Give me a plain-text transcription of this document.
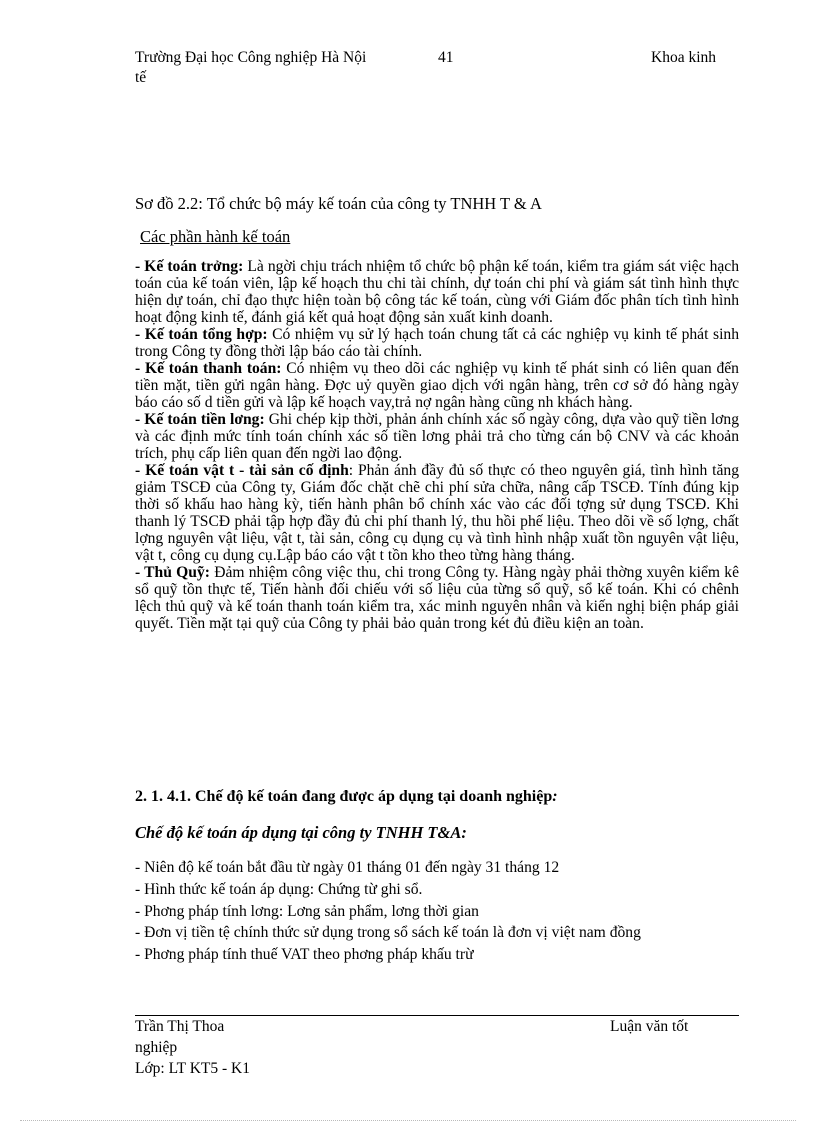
Trường Đại học Công nghiệp Hà Nội	41	Khoa kinh
tế
Sơ đồ 2.2: Tổ chức bộ máy kế toán của công ty TNHH T & A
Các phần hành kế toán

- Kế toán trởng: Là ngời chịu trách nhiệm tổ chức bộ phận kế toán, kiểm tra giám sát việc hạch toán của kế toán viên, lập kế hoạch thu chi tài chính, dự toán chi phí và giám sát tình hình thực hiện dự toán, chỉ đạo thực hiện toàn bộ công tác kế toán, cùng với Giám đốc phân tích tình hình hoạt động kinh tế, đánh giá kết quả hoạt động sản xuất kinh doanh.

- Kế toán tổng hợp: Có nhiệm vụ sử lý hạch toán chung tất cả các nghiệp vụ kinh tế phát sinh trong Công ty đồng thời lập báo cáo tài chính.

- Kế toán thanh toán: Có nhiệm vụ theo dõi các nghiệp vụ kinh tế phát sinh có liên quan đến tiền mặt, tiền gửi ngân hàng. Đợc uỷ quyền giao dịch với ngân hàng, trên cơ sở đó hàng ngày báo cáo số d tiền gửi và lập kế hoạch vay,trả nợ ngân hàng cũng nh khách hàng.

- Kế toán tiền lơng: Ghi chép kịp thời, phản ánh chính xác số ngày công, dựa vào quỹ tiền lơng và các định mức tính toán chính xác số tiền lơng phải trả cho từng cán bộ CNV và các khoản trích, phụ cấp liên quan đến ngời lao động.

- Kế toán vật t - tài sản cố định: Phản ánh đầy đủ số thực có theo nguyên giá, tình hình tăng giảm TSCĐ của Công ty, Giám đốc chặt chẽ chi phí sửa chữa, nâng cấp TSCĐ. Tính đúng kịp thời số khấu hao hàng kỳ, tiến hành phân bổ chính xác vào các đối tợng sử dụng TSCĐ. Khi thanh lý TSCĐ phải tập hợp đầy đủ chi phí thanh lý, thu hồi phế liệu. Theo dõi về số lợng, chất lợng nguyên vật liệu, vật t, tài sản, công cụ dụng cụ và tình hình nhập xuất tồn nguyên vật liệu, vật t, công cụ dụng cụ.Lập báo cáo vật t tồn kho theo từng hàng tháng.

- Thủ Quỹ: Đảm nhiệm công việc thu, chi trong Công ty. Hàng ngày phải thờng xuyên kiểm kê sổ quỹ tồn thực tế, Tiến hành đối chiếu với số liệu của từng sổ quỹ, sổ kế toán. Khi có chênh lệch thủ quỹ và kế toán thanh toán kiểm tra, xác minh nguyên nhân và kiến nghị biện pháp giải quyết. Tiền mặt tại quỹ của Công ty phải bảo quản trong két đủ điều kiện an toàn.

2. 1. 4.1. Chế độ kế toán đang được áp dụng tại doanh nghiệp:
Chế độ kế toán áp dụng tại công ty TNHH T&A:

- Niên độ kế toán bắt đầu từ ngày 01 tháng 01 đến ngày 31 tháng 12

- Hình thức kế toán áp dụng: Chứng từ ghi sổ.

- Phơng pháp tính lơng: Lơng sản phẩm, lơng thời gian

- Đơn vị tiền tệ chính thức sử dụng trong sổ sách kế toán là đơn vị việt nam đồng

- Phơng pháp tính thuế VAT theo phơng pháp khấu trừ

Trần Thị Thoa	Luận văn tốt
nghiệp
Lớp: LT KT5 - K1
